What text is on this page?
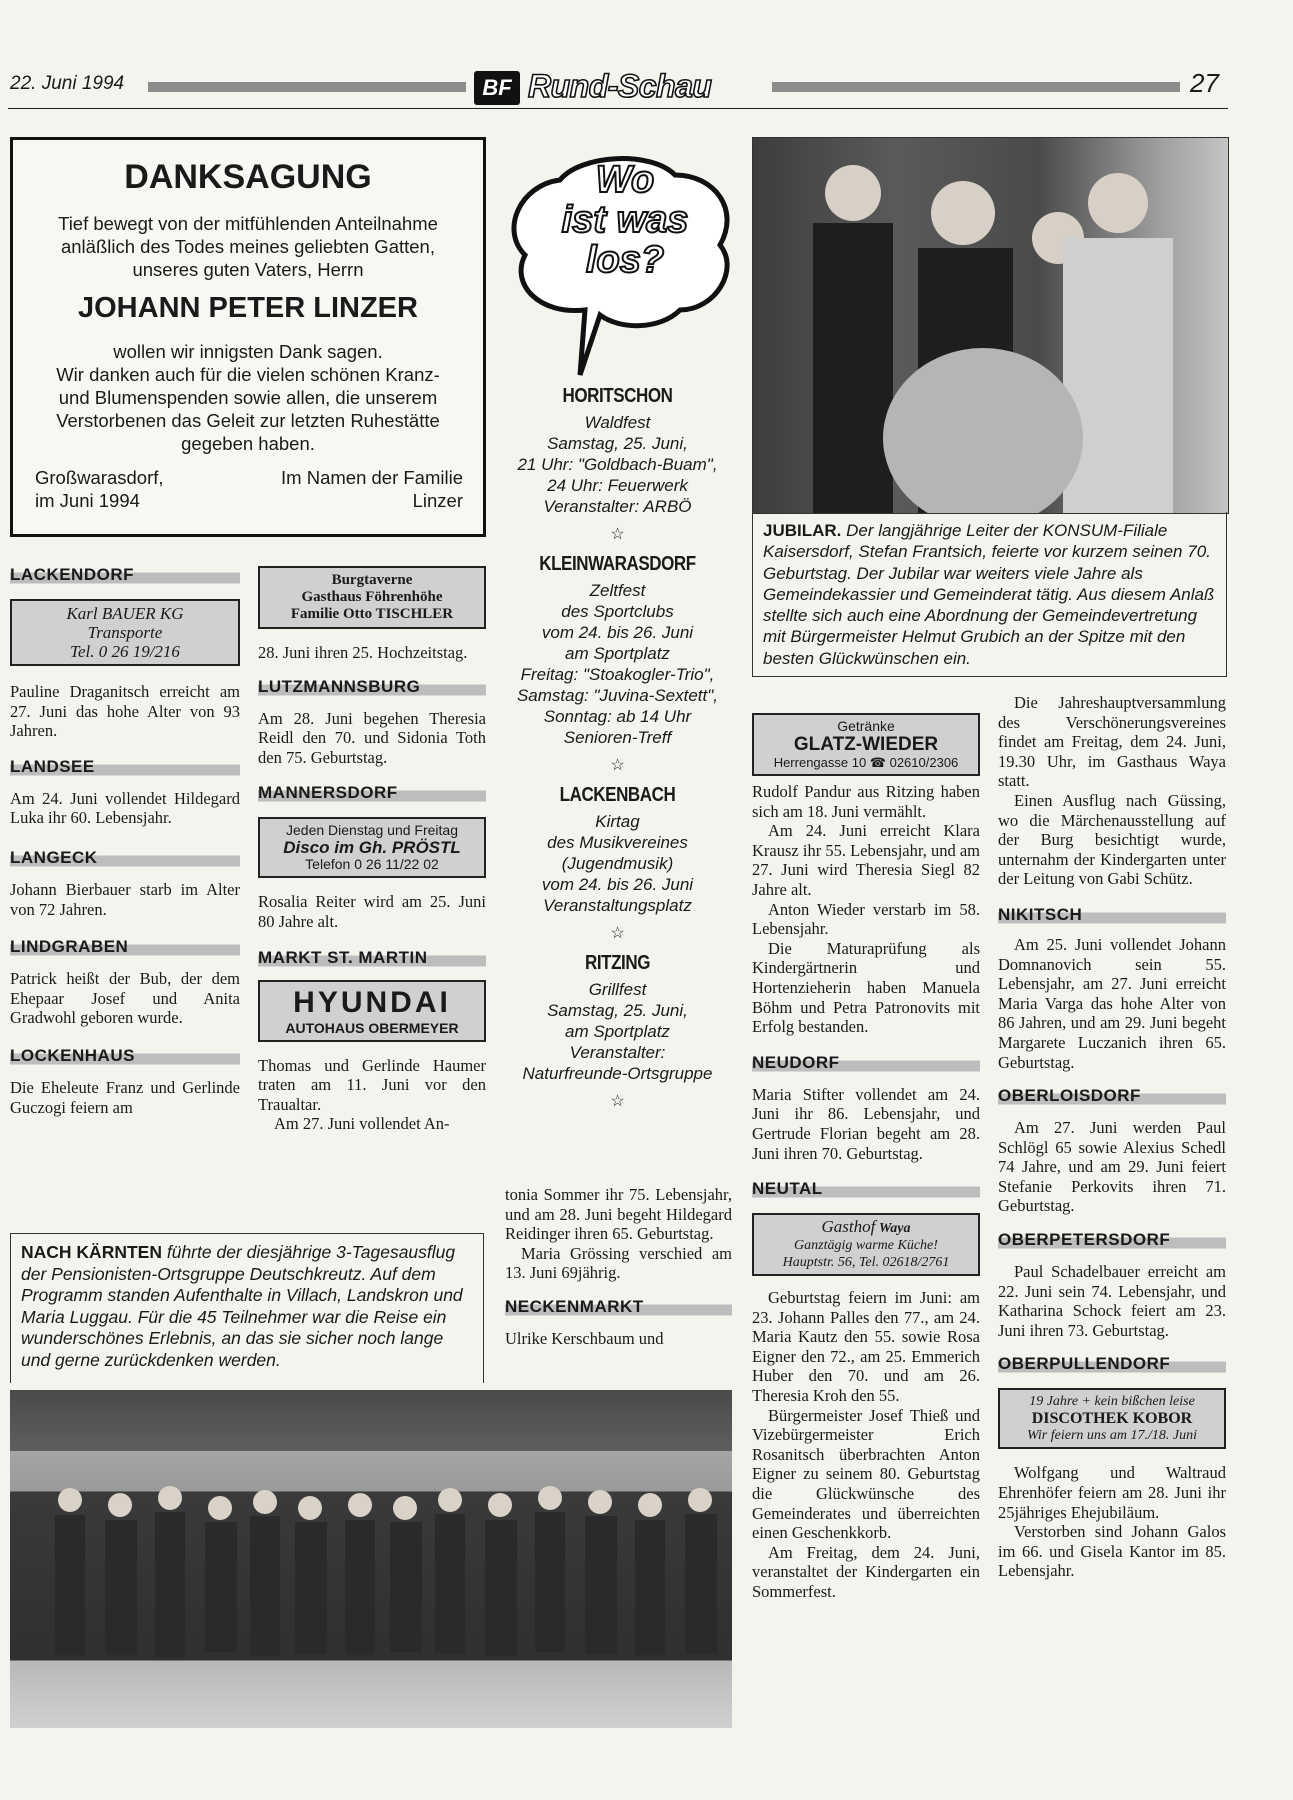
22. Juni 1994	BF Rund-Schau	27
DANKSAGUNG
Tief bewegt von der mitfühlenden Anteilnahme
anläßlich des Todes meines geliebten Gatten,
unseres guten Vaters, Herrn
JOHANN PETER LINZER
wollen wir innigsten Dank sagen.
Wir danken auch für die vielen schönen Kranz-
und Blumenspenden sowie allen, die unserem
Verstorbenen das Geleit zur letzten Ruhestätte
gegeben haben.
Großwarasdorf,
im Juni 1994
Im Namen der Familie
Linzer
LACKENDORF
Karl BAUER KG
Transporte
Tel. 0 26 19/216

Pauline Draganitsch erreicht am 27. Juni das hohe Alter von 93 Jahren.

LANDSEE

Am 24. Juni vollendet Hildegard Luka ihr 60. Lebensjahr.

LANGECK

Johann Bierbauer starb im Alter von 72 Jahren.

LINDGRABEN

Patrick heißt der Bub, der dem Ehepaar Josef und Anita Gradwohl geboren wurde.

LOCKENHAUS

Die Eheleute Franz und Gerlinde Guczogi feiern am

Burgtaverne
Gasthaus Föhrenhöhe
Familie Otto TISCHLER

28. Juni ihren 25. Hochzeitstag.

LUTZMANNSBURG

Am 28. Juni begehen Theresia Reidl den 70. und Sidonia Toth den 75. Geburtstag.

MANNERSDORF
Jeden Dienstag und Freitag
Disco im Gh. PRÖSTL
Telefon 0 26 11/22 02

Rosalia Reiter wird am 25. Juni 80 Jahre alt.

MARKT ST. MARTIN
HYUNDAI
AUTOHAUS OBERMEYER

Thomas und Gerlinde Haumer traten am 11. Juni vor den Traualtar.

Am 27. Juni vollendet An-

Wo
ist was
los?
HORITSCHON
Waldfest
Samstag, 25. Juni,
21 Uhr: "Goldbach-Buam",
24 Uhr: Feuerwerk
Veranstalter: ARBÖ
☆
KLEINWARASDORF
Zeltfest
des Sportclubs
vom 24. bis 26. Juni
am Sportplatz
Freitag: "Stoakogler-Trio",
Samstag: "Juvina-Sextett",
Sonntag: ab 14 Uhr
Senioren-Treff
☆
LACKENBACH
Kirtag
des Musikvereines
(Jugendmusik)
vom 24. bis 26. Juni
Veranstaltungsplatz
☆
RITZING
Grillfest
Samstag, 25. Juni,
am Sportplatz
Veranstalter:
Naturfreunde-Ortsgruppe
☆

tonia Sommer ihr 75. Lebensjahr, und am 28. Juni begeht Hildegard Reidinger ihren 65. Geburtstag.

Maria Grössing verschied am 13. Juni 69jährig.

NECKENMARKT

Ulrike Kerschbaum und

NACH KÄRNTEN führte der diesjährige 3-Tagesausflug der Pensionisten-Ortsgruppe Deutschkreutz. Auf dem Programm standen Aufenthalte in Villach, Landskron und Maria Luggau. Für die 45 Teilnehmer war die Reise ein wunderschönes Erlebnis, an das sie sicher noch lange und gerne zurückdenken werden.
JUBILAR. Der langjährige Leiter der KONSUM-Filiale Kaisersdorf, Stefan Frantsich, feierte vor kurzem seinen 70. Geburtstag. Der Jubilar war weiters viele Jahre als Gemeindekassier und Gemeinderat tätig. Aus diesem Anlaß stellte sich auch eine Abordnung der Gemeindevertretung mit Bürgermeister Helmut Grubich an der Spitze mit den besten Glückwünschen ein.
Getränke
GLATZ-WIEDER
Herrengasse 10 ☎ 02610/2306

Rudolf Pandur aus Ritzing haben sich am 18. Juni vermählt.

Am 24. Juni erreicht Klara Krausz ihr 55. Lebensjahr, und am 27. Juni wird Theresia Siegl 82 Jahre alt.

Anton Wieder verstarb im 58. Lebensjahr.

Die Maturaprüfung als Kindergärtnerin und Hortenzieherin haben Manuela Böhm und Petra Patronovits mit Erfolg bestanden.

NEUDORF

Maria Stifter vollendet am 24. Juni ihr 86. Lebensjahr, und Gertrude Florian begeht am 28. Juni ihren 70. Geburtstag.

NEUTAL
Gasthof Waya
Ganztägig warme Küche!
Hauptstr. 56, Tel. 02618/2761

Geburtstag feiern im Juni: am 23. Johann Palles den 77., am 24. Maria Kautz den 55. sowie Rosa Eigner den 72., am 25. Emmerich Huber den 70. und am 26. Theresia Kroh den 55.

Bürgermeister Josef Thieß und Vizebürgermeister Erich Rosanitsch überbrachten Anton Eigner zu seinem 80. Geburtstag die Glückwünsche des Gemeinderates und überreichten einen Geschenkkorb.

Am Freitag, dem 24. Juni, veranstaltet der Kindergarten ein Sommerfest.

Die Jahreshauptversammlung des Verschönerungsvereines findet am Freitag, dem 24. Juni, 19.30 Uhr, im Gasthaus Waya statt.

Einen Ausflug nach Güssing, wo die Märchenausstellung auf der Burg besichtigt wurde, unternahm der Kindergarten unter der Leitung von Gabi Schütz.

NIKITSCH

Am 25. Juni vollendet Johann Domnanovich sein 55. Lebensjahr, am 27. Juni erreicht Maria Varga das hohe Alter von 86 Jahren, und am 29. Juni begeht Margarete Luczanich ihren 65. Geburtstag.

OBERLOISDORF

Am 27. Juni werden Paul Schlögl 65 sowie Alexius Schedl 74 Jahre, und am 29. Juni feiert Stefanie Perkovits ihren 71. Geburtstag.

OBERPETERSDORF

Paul Schadelbauer erreicht am 22. Juni sein 74. Lebensjahr, und Katharina Schock feiert am 23. Juni ihren 73. Geburtstag.

OBERPULLENDORF
19 Jahre + kein bißchen leise
DISCOTHEK KOBOR
Wir feiern uns am 17./18. Juni

Wolfgang und Waltraud Ehrenhöfer feiern am 28. Juni ihr 25jähriges Ehejubiläum.

Verstorben sind Johann Galos im 66. und Gisela Kantor im 85. Lebensjahr.
